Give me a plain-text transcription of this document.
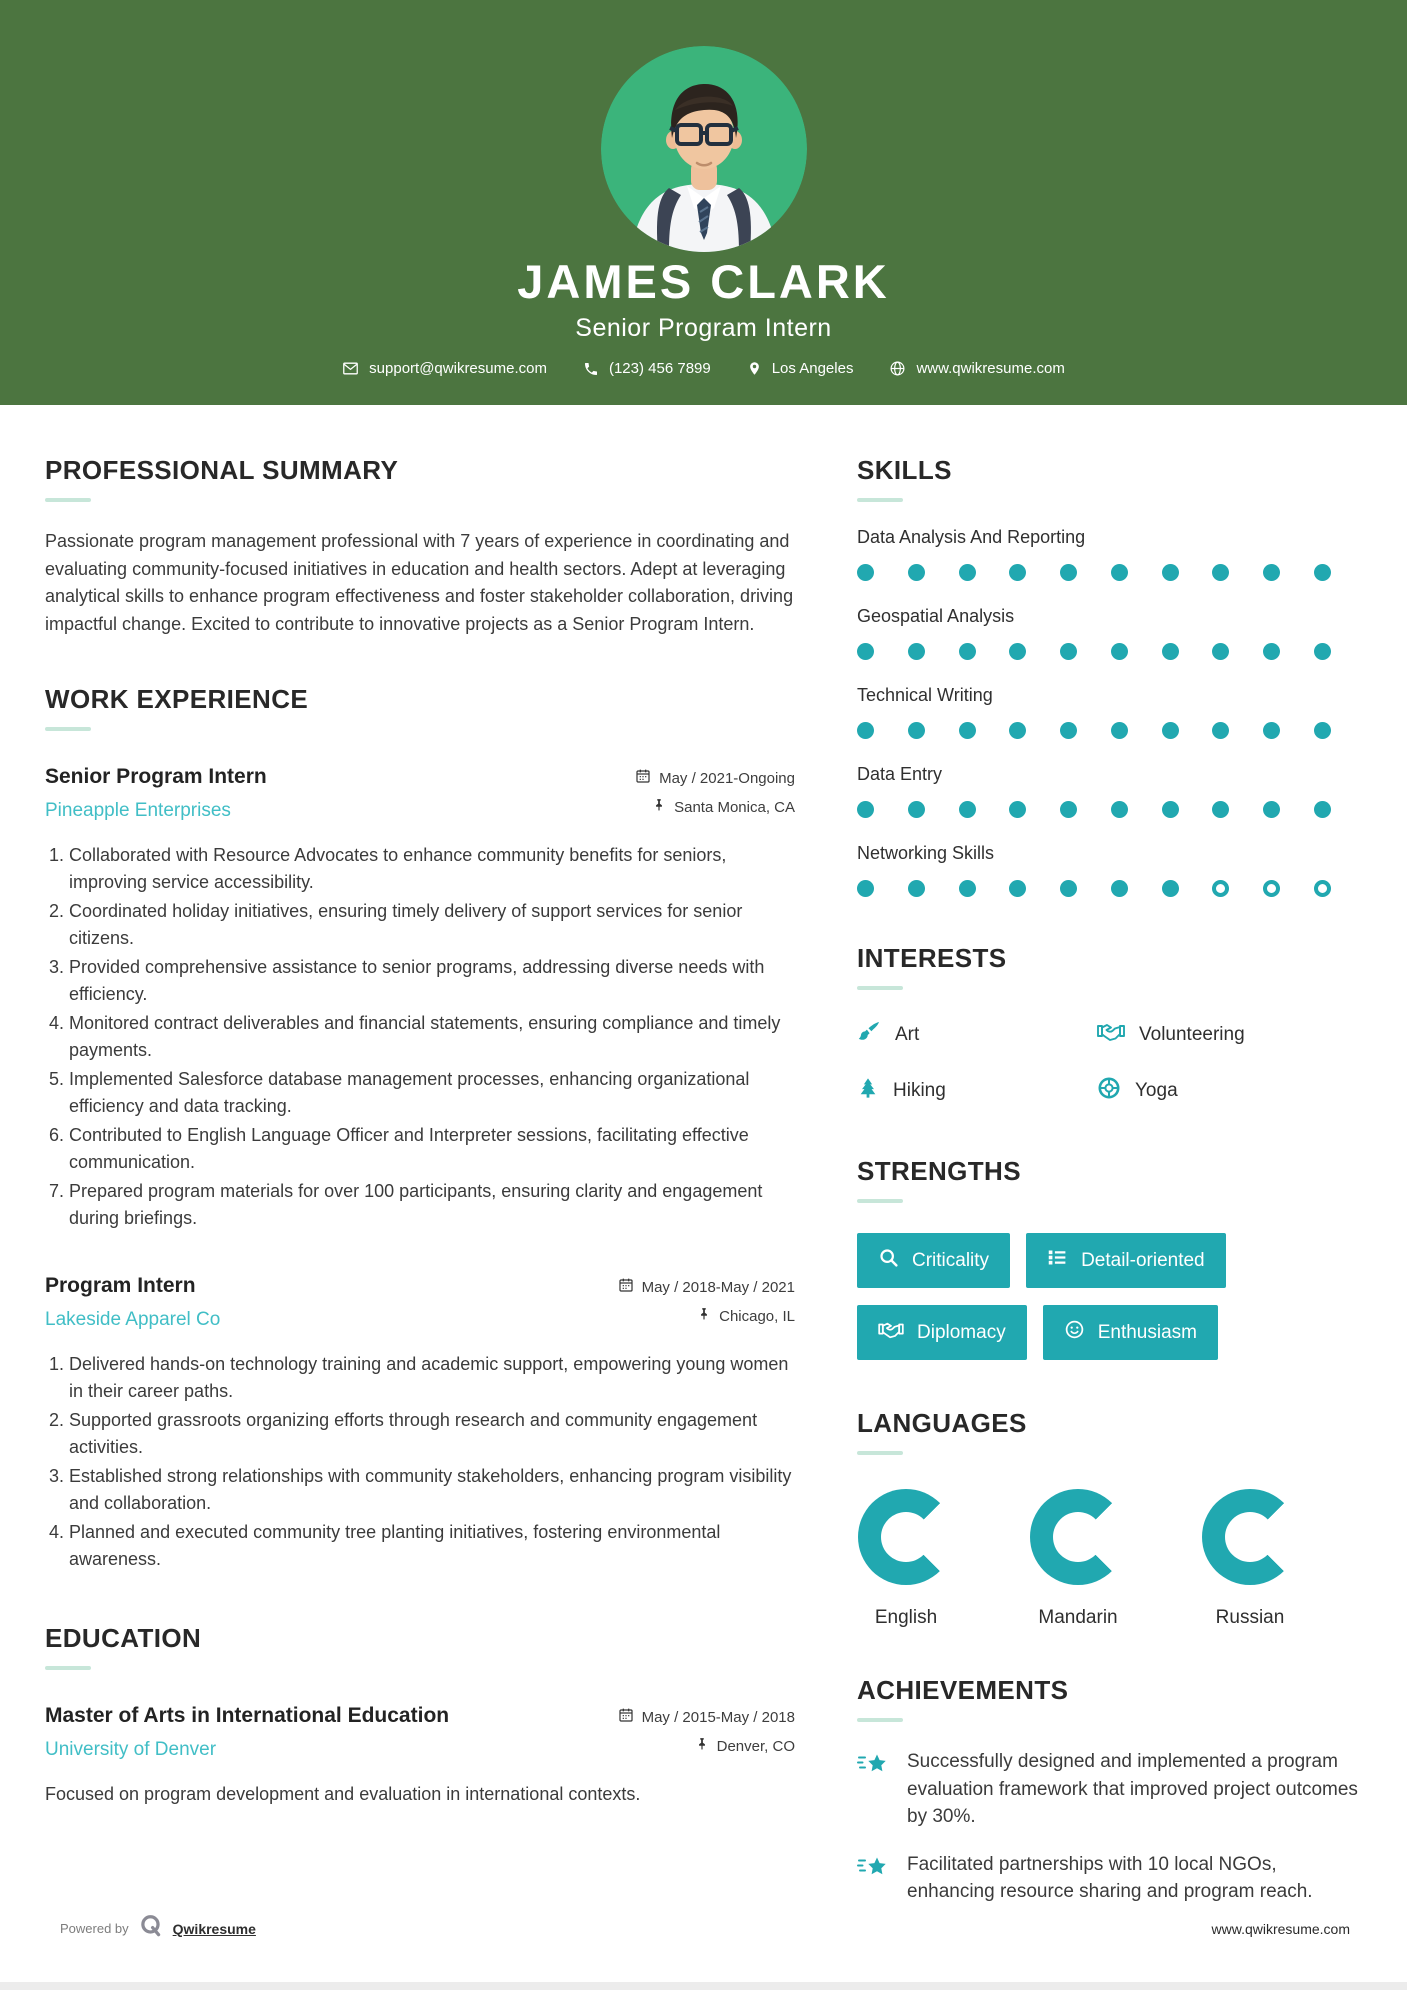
JAMES CLARK
Senior Program Intern
support@qwikresume.com	(123) 456 7899	Los Angeles	www.qwikresume.com
PROFESSIONAL SUMMARY

Passionate program management professional with 7 years of experience in coordinating and evaluating community-focused initiatives in education and health sectors. Adept at leveraging analytical skills to enhance program effectiveness and foster stakeholder collaboration, driving impactful change. Excited to contribute to innovative projects as a Senior Program Intern.

WORK EXPERIENCE
Senior Program Intern
Pineapple Enterprises
May / 2021-Ongoing
Santa Monica, CA
1. Collaborated with Resource Advocates to enhance community benefits for seniors, improving service accessibility.
2. Coordinated holiday initiatives, ensuring timely delivery of support services for senior citizens.
3. Provided comprehensive assistance to senior programs, addressing diverse needs with efficiency.
4. Monitored contract deliverables and financial statements, ensuring compliance and timely payments.
5. Implemented Salesforce database management processes, enhancing organizational efficiency and data tracking.
6. Contributed to English Language Officer and Interpreter sessions, facilitating effective communication.
7. Prepared program materials for over 100 participants, ensuring clarity and engagement during briefings.
Program Intern
Lakeside Apparel Co
May / 2018-May / 2021
Chicago, IL
1. Delivered hands-on technology training and academic support, empowering young women in their career paths.
2. Supported grassroots organizing efforts through research and community engagement activities.
3. Established strong relationships with community stakeholders, enhancing program visibility and collaboration.
4. Planned and executed community tree planting initiatives, fostering environmental awareness.
EDUCATION
Master of Arts in International Education
University of Denver
May / 2015-May / 2018
Denver, CO

Focused on program development and evaluation in international contexts.

SKILLS
Data Analysis And Reporting
Geospatial Analysis
Technical Writing
Data Entry
Networking Skills
INTERESTS
Art	Volunteering
Hiking	Yoga
STRENGTHS
Criticality	Detail-oriented
Diplomacy	Enthusiasm
LANGUAGES
English	Mandarin	Russian
ACHIEVEMENTS
Successfully designed and implemented a program evaluation framework that improved project outcomes by 30%.
Facilitated partnerships with 10 local NGOs, enhancing resource sharing and program reach.
Powered by	Qwikresume	www.qwikresume.com
